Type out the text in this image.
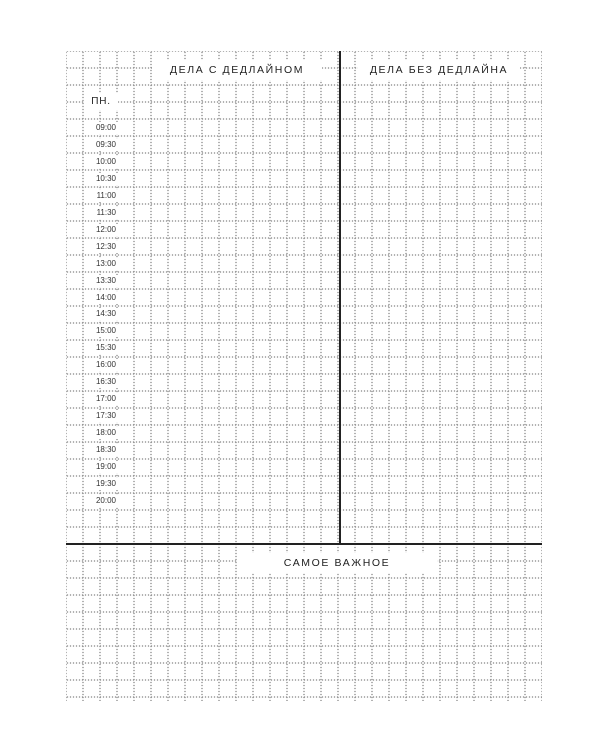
ДЕЛА С ДЕДЛАЙНОМ	ДЕЛА БЕЗ ДЕДЛАЙНА
САМОЕ ВАЖНОЕ
ПН.
09:00
09:30
10:00
10:30
11:00
11:30
12:00
12:30
13:00
13:30
14:00
14:30
15:00
15:30
16:00
16:30
17:00
17:30
18:00
18:30
19:00
19:30
20:00
